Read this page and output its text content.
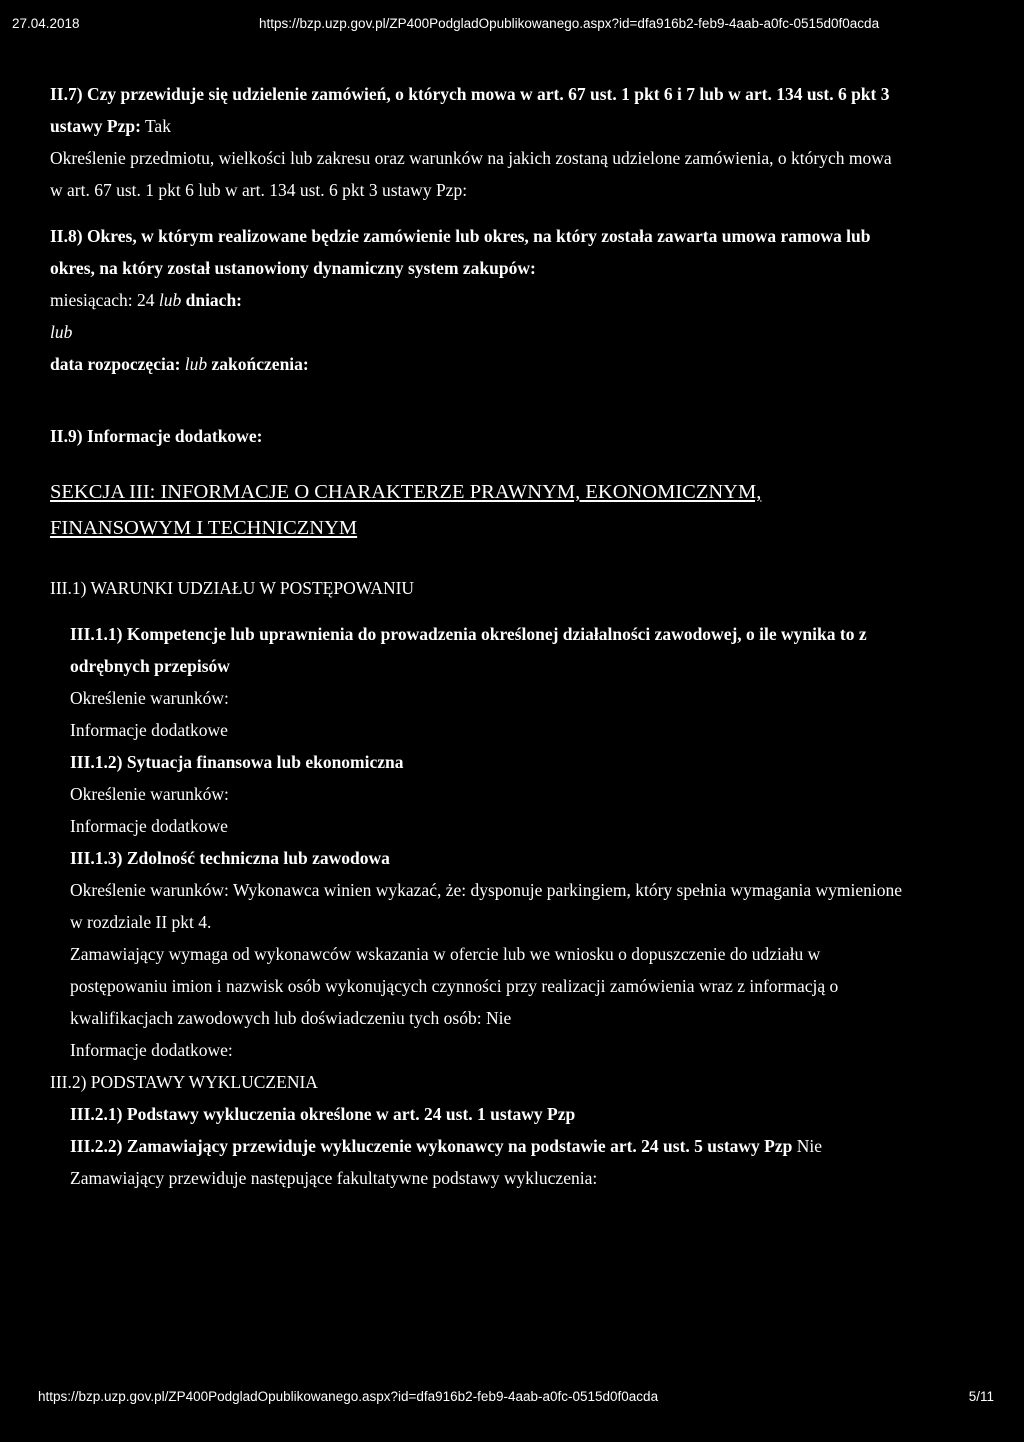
27.04.2018	https://bzp.uzp.gov.pl/ZP400PodgladOpublikowanego.aspx?id=dfa916b2-feb9-4aab-a0fc-0515d0f0acda
II.7) Czy przewiduje się udzielenie zamówień, o których mowa w art. 67 ust. 1 pkt 6 i 7 lub w art. 134 ust. 6 pkt 3
ustawy Pzp: Tak
Określenie przedmiotu, wielkości lub zakresu oraz warunków na jakich zostaną udzielone zamówienia, o których mowa
w art. 67 ust. 1 pkt 6 lub w art. 134 ust. 6 pkt 3 ustawy Pzp:
II.8) Okres, w którym realizowane będzie zamówienie lub okres, na który została zawarta umowa ramowa lub
okres, na który został ustanowiony dynamiczny system zakupów:
miesiącach: 24 lub dniach:
lub
data rozpoczęcia: lub zakończenia:
II.9) Informacje dodatkowe:
SEKCJA III: INFORMACJE O CHARAKTERZE PRAWNYM, EKONOMICZNYM,
FINANSOWYM I TECHNICZNYM
III.1) WARUNKI UDZIAŁU W POSTĘPOWANIU
III.1.1) Kompetencje lub uprawnienia do prowadzenia określonej działalności zawodowej, o ile wynika to z
odrębnych przepisów
Określenie warunków:
Informacje dodatkowe
III.1.2) Sytuacja finansowa lub ekonomiczna
Określenie warunków:
Informacje dodatkowe
III.1.3) Zdolność techniczna lub zawodowa
Określenie warunków: Wykonawca winien wykazać, że: dysponuje parkingiem, który spełnia wymagania wymienione
w rozdziale II pkt 4.
Zamawiający wymaga od wykonawców wskazania w ofercie lub we wniosku o dopuszczenie do udziału w
postępowaniu imion i nazwisk osób wykonujących czynności przy realizacji zamówienia wraz z informacją o
kwalifikacjach zawodowych lub doświadczeniu tych osób: Nie
Informacje dodatkowe:
III.2) PODSTAWY WYKLUCZENIA
III.2.1) Podstawy wykluczenia określone w art. 24 ust. 1 ustawy Pzp
III.2.2) Zamawiający przewiduje wykluczenie wykonawcy na podstawie art. 24 ust. 5 ustawy Pzp Nie
Zamawiający przewiduje następujące fakultatywne podstawy wykluczenia:
https://bzp.uzp.gov.pl/ZP400PodgladOpublikowanego.aspx?id=dfa916b2-feb9-4aab-a0fc-0515d0f0acda	5/11
